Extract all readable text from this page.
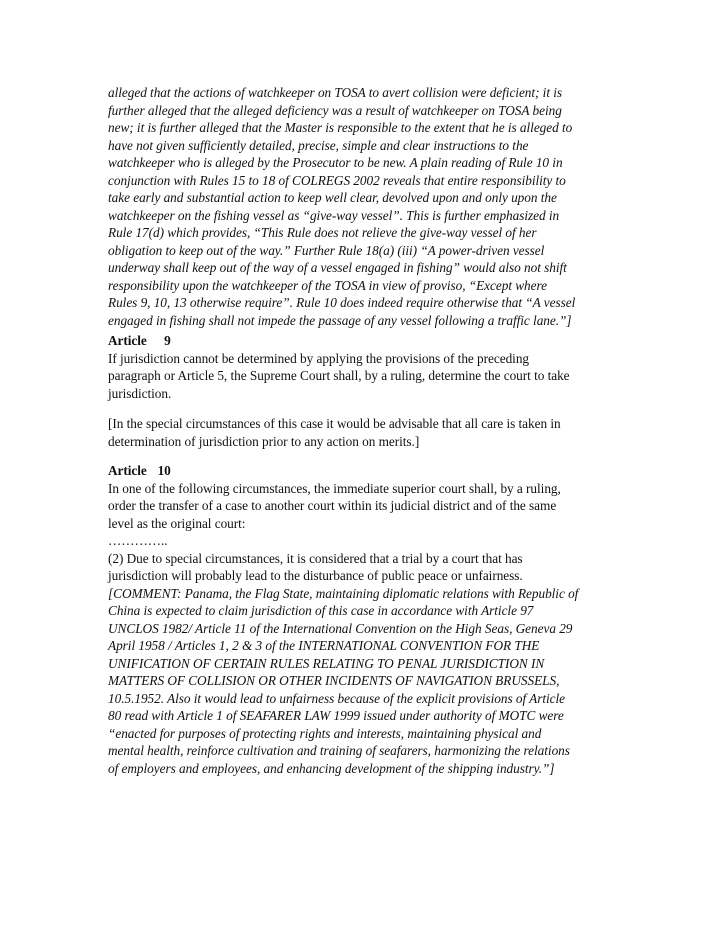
alleged that the actions of watchkeeper on TOSA to avert collision were deficient; it is
further alleged that the alleged deficiency was a result of watchkeeper on TOSA being
new; it is further alleged that the Master is responsible to the extent that he is alleged to
have not given sufficiently detailed, precise, simple and clear instructions to the
watchkeeper who is alleged by the Prosecutor to be new. A plain reading of Rule 10 in
conjunction with Rules 15 to 18 of COLREGS 2002 reveals that entire responsibility to
take early and substantial action to keep well clear, devolved upon and only upon the
watchkeeper on the fishing vessel as “give-way vessel”. This is further emphasized in
Rule 17(d) which provides, “This Rule does not relieve the give-way vessel of her
obligation to keep out of the way.” Further Rule 18(a) (iii) “A power-driven vessel
underway shall keep out of the way of a vessel engaged in fishing” would also not shift
responsibility upon the watchkeeper of the TOSA in view of proviso, “Except where
Rules 9, 10, 13 otherwise require”. Rule 10 does indeed require otherwise that “A vessel
engaged in fishing shall not impede the passage of any vessel following a traffic lane.”]
Article 9
If jurisdiction cannot be determined by applying the provisions of the preceding
paragraph or Article 5, the Supreme Court shall, by a ruling, determine the court to take
jurisdiction.
[In the special circumstances of this case it would be advisable that all care is taken in
determination of jurisdiction prior to any action on merits.]
Article 10
In one of the following circumstances, the immediate superior court shall, by a ruling,
order the transfer of a case to another court within its judicial district and of the same
level as the original court:
…………..
(2) Due to special circumstances, it is considered that a trial by a court that has
jurisdiction will probably lead to the disturbance of public peace or unfairness.
[COMMENT: Panama, the Flag State, maintaining diplomatic relations with Republic of
China is expected to claim jurisdiction of this case in accordance with Article 97
UNCLOS 1982/ Article 11 of the International Convention on the High Seas, Geneva 29
April 1958 / Articles 1, 2 & 3 of the INTERNATIONAL CONVENTION FOR THE
UNIFICATION OF CERTAIN RULES RELATING TO PENAL JURISDICTION IN
MATTERS OF COLLISION OR OTHER INCIDENTS OF NAVIGATION BRUSSELS,
10.5.1952. Also it would lead to unfairness because of the explicit provisions of Article
80 read with Article 1 of SEAFARER LAW 1999 issued under authority of MOTC were
“enacted for purposes of protecting rights and interests, maintaining physical and
mental health, reinforce cultivation and training of seafarers, harmonizing the relations
of employers and employees, and enhancing development of the shipping industry.”]
